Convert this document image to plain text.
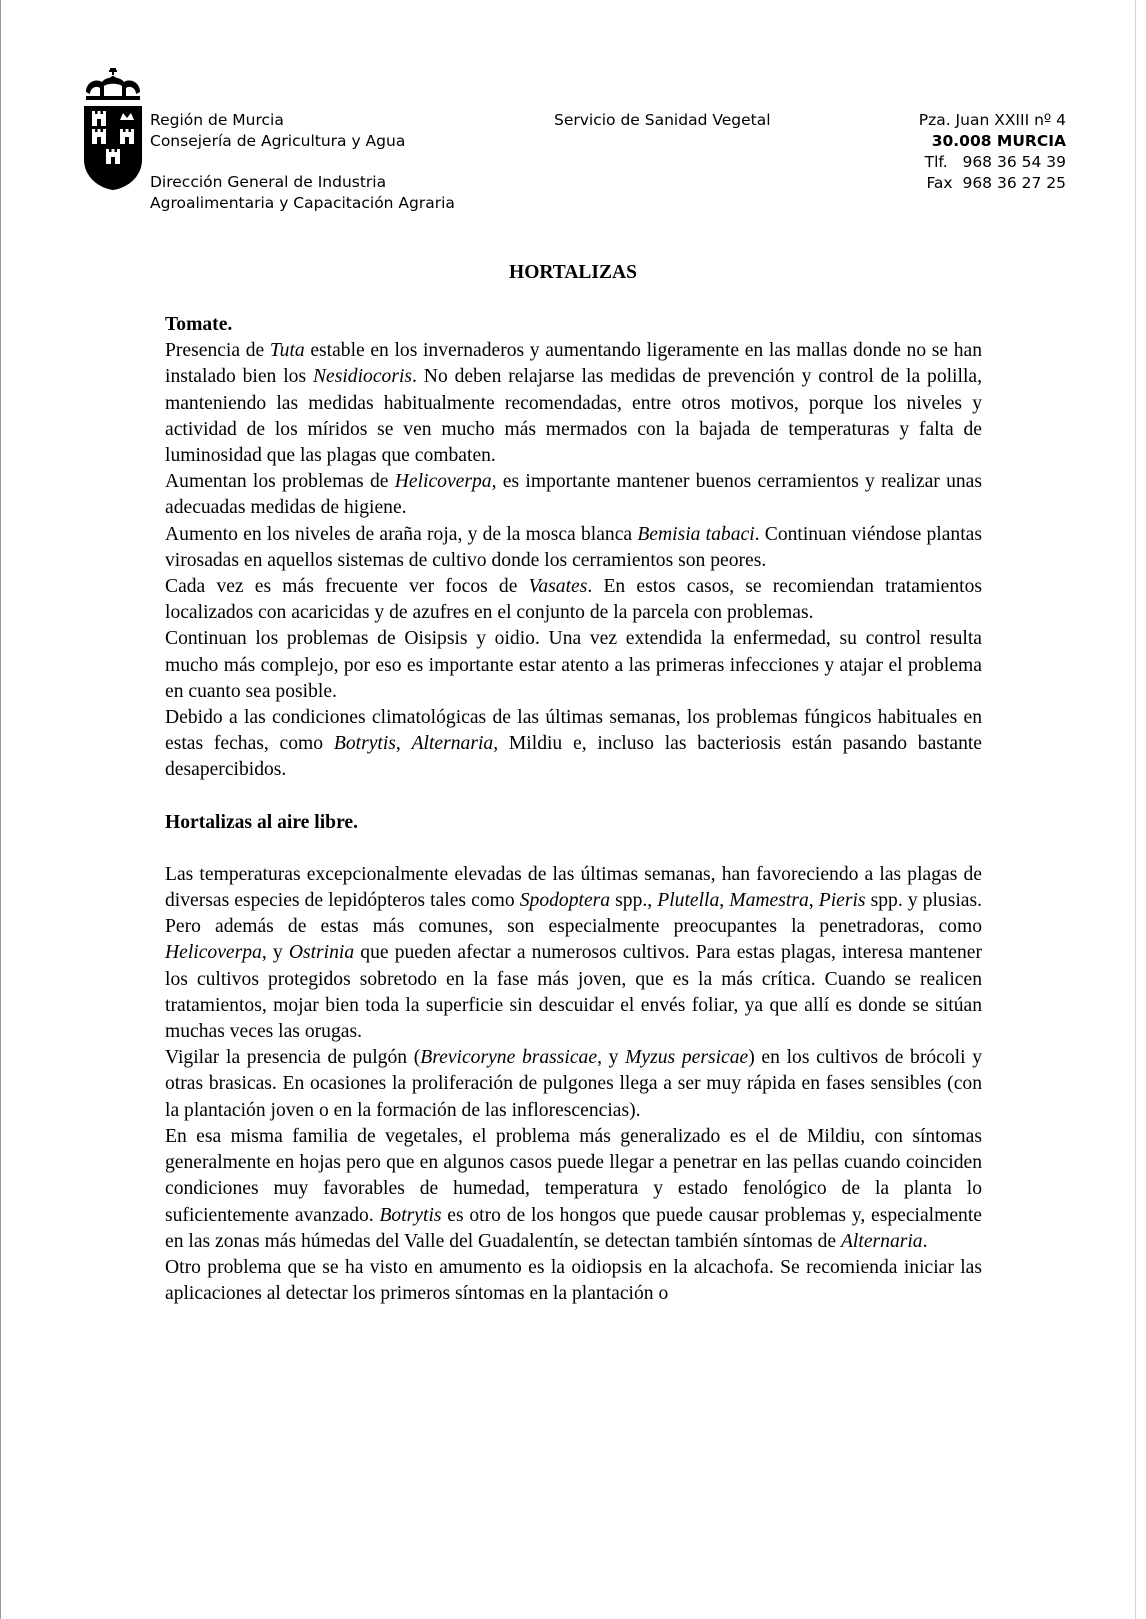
Región de Murcia
Consejería de Agricultura y Agua
Dirección General de Industria
Agroalimentaria y Capacitación Agraria
Servicio de Sanidad Vegetal	Pza. Juan XXIII nº 4
30.008 MURCIA
Tlf.   968 36 54 39
Fax  968 36 27 25
HORTALIZAS
Tomate.

Presencia de Tuta estable en los invernaderos y aumentando ligeramente en las mallas donde no se han instalado bien los Nesidiocoris. No deben relajarse las medidas de prevención y control de la polilla, manteniendo las medidas habitualmente recomendadas, entre otros motivos, porque los niveles y actividad de los míridos se ven mucho más mermados con la bajada de temperaturas y falta de luminosidad que las plagas que combaten.

Aumentan los problemas de Helicoverpa, es importante mantener buenos cerramientos y realizar unas adecuadas medidas de higiene.

Aumento en los niveles de araña roja, y de la mosca blanca Bemisia tabaci. Continuan viéndose plantas virosadas en aquellos sistemas de cultivo donde los cerramientos son peores.

Cada vez es más frecuente ver focos de Vasates. En estos casos, se recomiendan tratamientos localizados con acaricidas y de azufres en el conjunto de la parcela con problemas.

Continuan los problemas de Oisipsis y oidio. Una vez extendida la enfermedad, su control resulta mucho más complejo, por eso es importante estar atento a las primeras infecciones y atajar el problema en cuanto sea posible.

Debido a las condiciones climatológicas de las últimas semanas, los problemas fúngicos habituales en estas fechas, como Botrytis, Alternaria, Mildiu e, incluso las bacteriosis están pasando bastante desapercibidos.

Hortalizas al aire libre.

Las temperaturas excepcionalmente elevadas de las últimas semanas, han favoreciendo a las plagas de diversas especies de lepidópteros tales como Spodoptera spp., Plutella, Mamestra, Pieris spp. y plusias. Pero además de estas más comunes, son especialmente preocupantes la penetradoras, como Helicoverpa, y Ostrinia que pueden afectar a numerosos cultivos. Para estas plagas, interesa mantener los cultivos protegidos sobretodo en la fase más joven, que es la más crítica. Cuando se realicen tratamientos, mojar bien toda la superficie sin descuidar el envés foliar, ya que allí es donde se sitúan muchas veces las orugas.

Vigilar la presencia de pulgón (Brevicoryne brassicae, y Myzus persicae) en los cultivos de brócoli y otras brasicas. En ocasiones la proliferación de pulgones llega a ser muy rápida en fases sensibles (con la plantación joven o en la formación de las inflorescencias).

En esa misma familia de vegetales, el problema más generalizado es el de Mildiu, con síntomas generalmente en hojas pero que en algunos casos puede llegar a penetrar en las pellas cuando coinciden condiciones muy favorables de humedad, temperatura y estado fenológico de la planta lo suficientemente avanzado. Botrytis es otro de los hongos que puede causar problemas y, especialmente en las zonas más húmedas del Valle del Guadalentín, se detectan también síntomas de Alternaria.

Otro problema que se ha visto en amumento es la oidiopsis en la alcachofa. Se recomienda iniciar las aplicaciones al detectar los primeros síntomas en la plantación o
